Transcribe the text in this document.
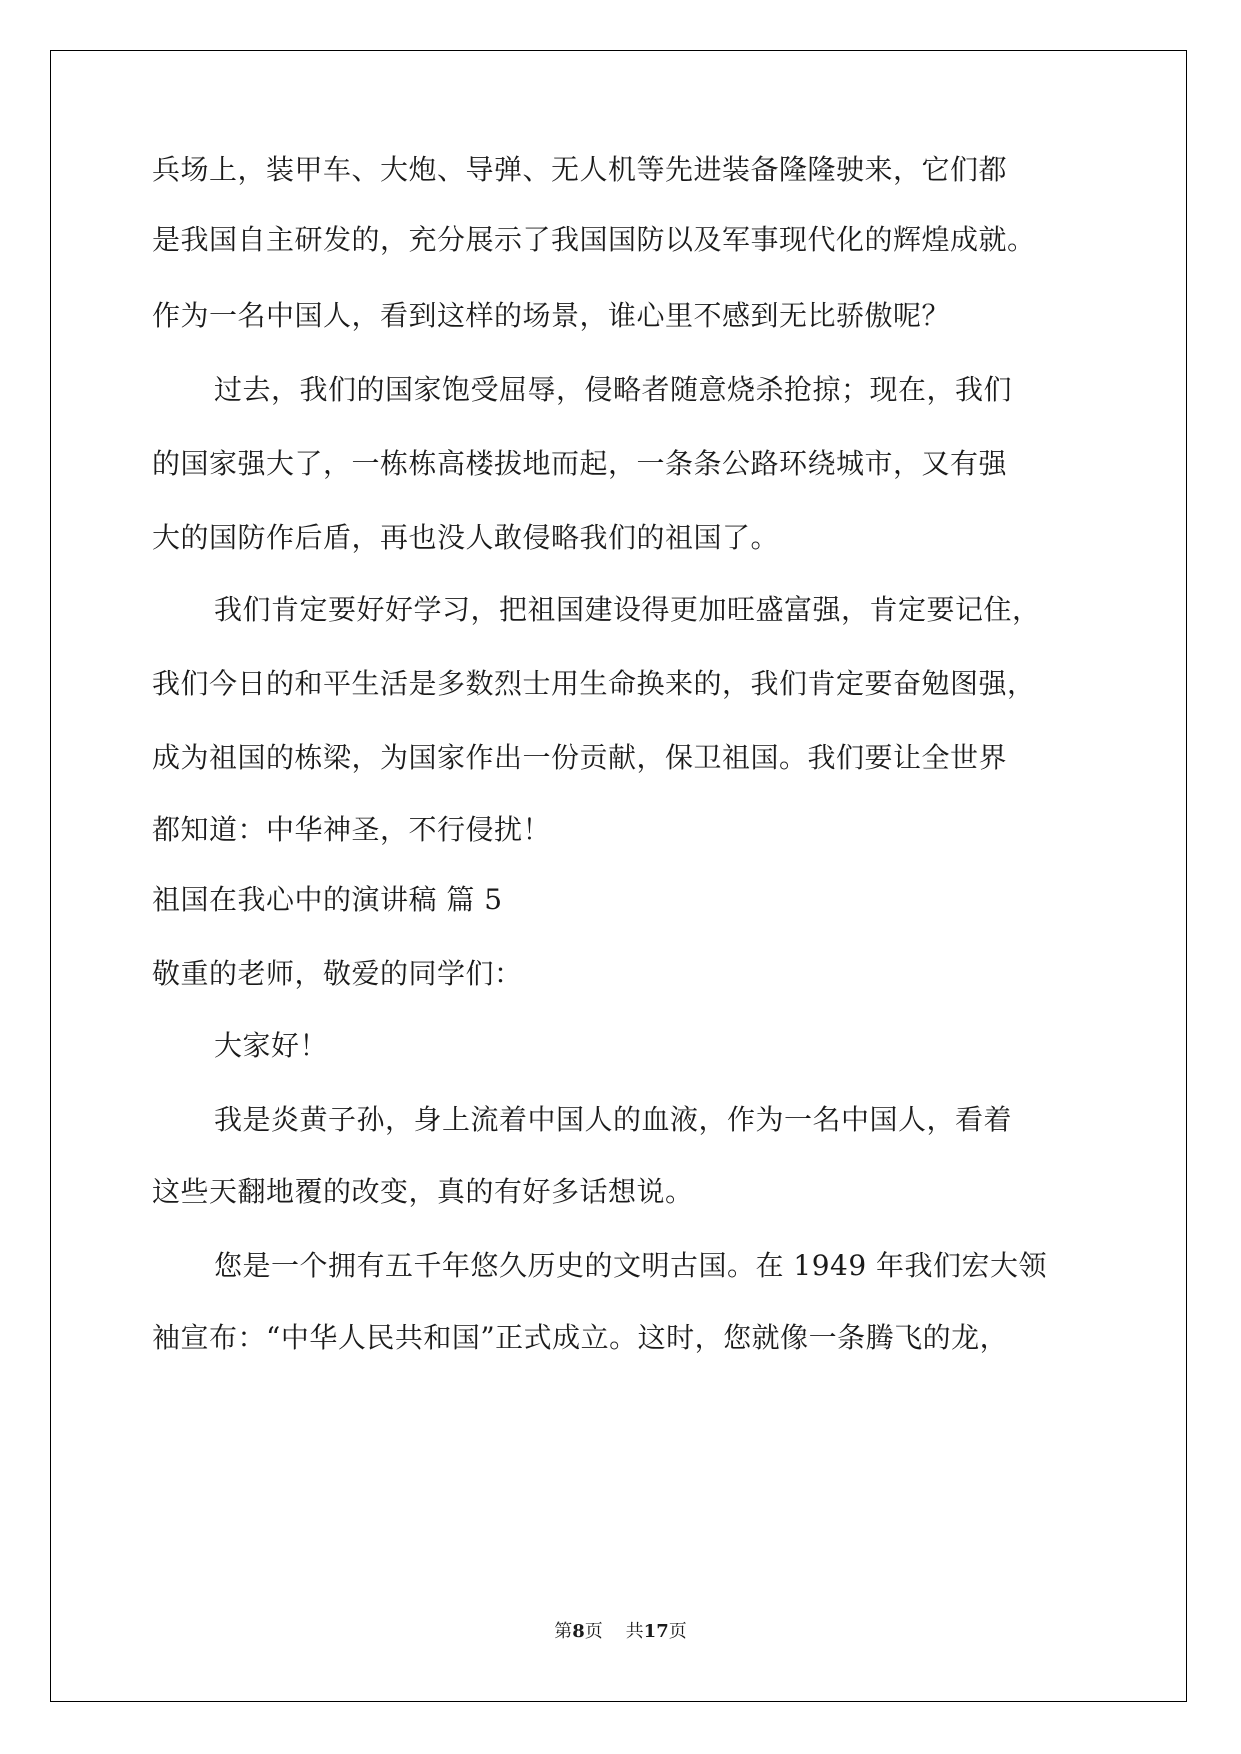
兵场上，装甲车、大炮、导弹、无人机等先进装备隆隆驶来，它们都
是我国自主研发的，充分展示了我国国防以及军事现代化的辉煌成就。
作为一名中国人，看到这样的场景，谁心里不感到无比骄傲呢？
过去，我们的国家饱受屈辱，侵略者随意烧杀抢掠；现在，我们
的国家强大了，一栋栋高楼拔地而起，一条条公路环绕城市，又有强
大的国防作后盾，再也没人敢侵略我们的祖国了。
我们肯定要好好学习，把祖国建设得更加旺盛富强，肯定要记住，
我们今日的和平生活是多数烈士用生命换来的，我们肯定要奋勉图强，
成为祖国的栋梁，为国家作出一份贡献，保卫祖国。我们要让全世界
都知道：中华神圣，不行侵扰！
祖国在我心中的演讲稿 篇 5
敬重的老师，敬爱的同学们：
大家好！
我是炎黄子孙，身上流着中国人的血液，作为一名中国人，看着
这些天翻地覆的改变，真的有好多话想说。
您是一个拥有五千年悠久历史的文明古国。在 1949 年我们宏大领
袖宣布：“中华人民共和国”正式成立。这时，您就像一条腾飞的龙，
第8页 共17页
